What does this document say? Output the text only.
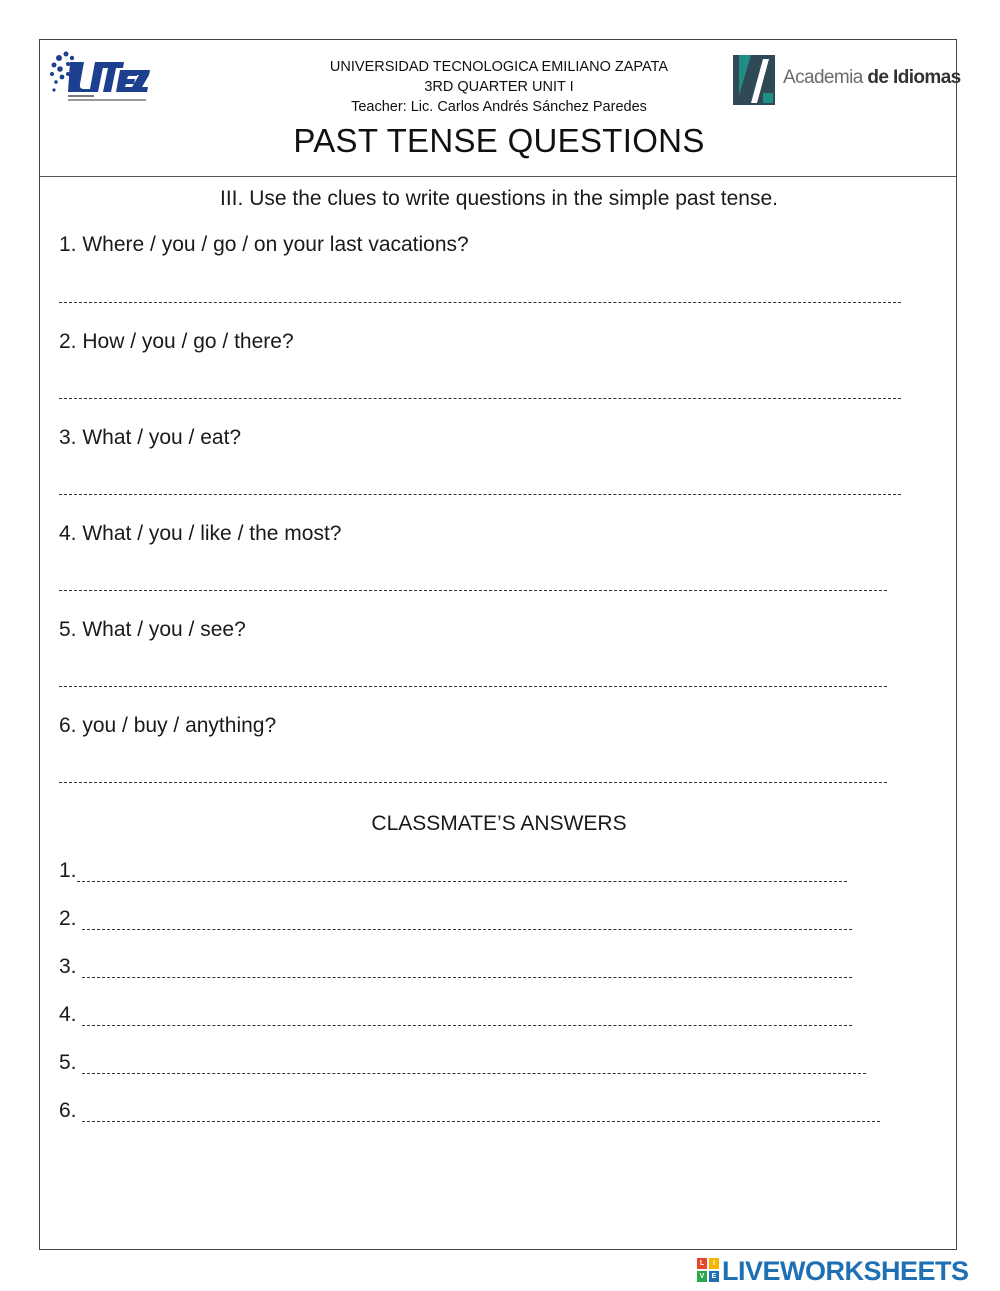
UNIVERSIDAD TECNOLOGICA EMILIANO ZAPATA
3RD QUARTER UNIT I
Teacher: Lic. Carlos Andrés Sánchez Paredes
Academia de Idiomas
PAST TENSE QUESTIONS
III. Use the clues to write questions in the simple past tense.
1. Where / you / go / on your last vacations?
2. How / you / go / there?
3. What / you / eat?
4. What / you / like / the most?
5. What / you / see?
6. you / buy / anything?
CLASSMATE’S ANSWERS
1.
2.
3.
4.
5.
6.
L	I
V	E LIVEWORKSHEETS
